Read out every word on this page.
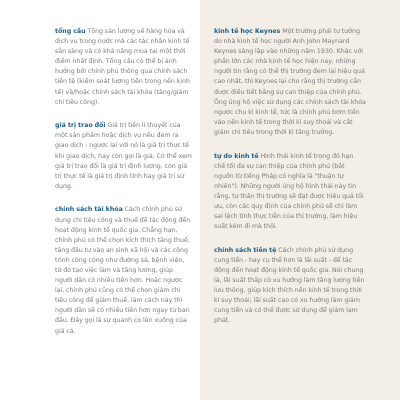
tổng cầu Tổng sản lượng về hàng hóa và dịch vụ trong nước mà các tác nhân kinh tế sẵn sàng và có khả năng mua tại một thời điểm nhất định. Tổng cầu có thể bị ảnh hưởng bởi chính phủ thông qua chính sách tiền tệ (kiểm soát lượng tiền trong nền kinh tế) và/hoặc chính sách tài khóa (tăng/giảm chi tiêu công).

giá trị trao đổi Giá trị tiền lí thuyết của một sản phẩm hoặc dịch vụ nếu đem ra giao dịch - ngược lại với nó là giá trị thực tế khi giao dịch, hay còn gọi là giá. Có thể xem giá trị trao đổi là giá trị định lượng, còn giá trị thực tế là giá trị định tính hay giá trị sử dụng.

chính sách tài khóa Cách chính phủ sử dụng chi tiêu công và thuế để tác động đến hoạt động kinh tế quốc gia. Chẳng hạn, chính phủ có thể chọn kích thích tăng thuế, tăng đầu tư vào an sinh xã hội và các công trình công cộng như đường sá, bệnh viện, từ đó tạo việc làm và tăng lương, giúp người dân có nhiều tiền hơn. Hoặc ngược lại, chính phủ cũng có thể chọn giảm chi tiêu công để giảm thuế, làm cách này thì người dân sẽ có nhiều tiền hơn ngay từ ban đầu. Đây gọi là sự quanh co lên xuống của giá cả.

kinh tế học Keynes Một trường phái tư tưởng do nhà kinh tế học người Anh John Maynard Keynes sáng lập vào những năm 1930. Khác với phần lớn các nhà kinh tế học hiện nay, những người tin rằng có thể thị trường đem lại hiệu quả cao nhất, thì Keynes lại cho rằng thị trường cần được điều tiết bằng sự can thiệp của chính phủ. Ông ủng hộ việc sử dụng các chính sách tài khóa ngược chu kì kinh tế, tức là chính phủ bơm tiền vào nền kinh tế trong thời kì suy thoái và cắt giảm chi tiêu trong thời kì tăng trưởng.

tự do kinh tế Hình thái kinh tế trong đó hạn chế tối đa sự can thiệp của chính phủ (bắt nguồn từ tiếng Pháp có nghĩa là "thuận tự nhiên"). Những người ủng hộ hình thái này tin rằng, tự thân thị trường sẽ đạt được hiệu quả tối ưu, còn các quy định của chính phủ sẽ chỉ làm sai lệch tính thực tiễn của thị trường, làm hiệu suất kém đi mà thôi.

chính sách tiền tệ Cách chính phủ sử dụng cung tiền - hay cụ thể hơn là lãi suất - để tác động đến hoạt động kinh tế quốc gia. Nói chung là, lãi suất thấp có xu hướng làm tăng lượng tiền lưu thông, giúp kích thích nền kinh tế trong thời kì suy thoái; lãi suất cao có xu hướng làm giảm cung tiền và có thể được sử dụng để giảm lạm phát.
